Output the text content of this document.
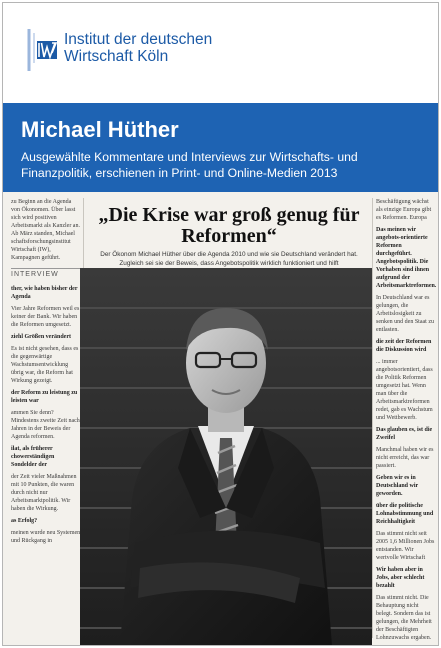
Institut der deutschen
Wirtschaft Köln
Michael Hüther
Ausgewählte Kommentare und Interviews zur Wirtschafts- und Finanzpolitik, erschienen in Print- und Online-Medien 2013

zu Beginn an die Agenda von Ökonomen. Über lasst sich wird positiven Arbeitsmarkt als Kanzler an. Ab März standen, Michael schaftsforschungsinstitut Wirtschaft (IW), Kampagnen geführt.

INTERVIEW

ther, wie haben bisher der Agenda

Vier Jahre Reformen weil es keiner der Bank. Wir haben die Reformen umgesetzt.

ziehl Größen verändert

Es ist nicht gesehen, dass es die gegenwärtige Wachstumsentwicklung übrig war, die Reform hat Wirkung gezeigt.

der Reform zu leistung zu leisten war

ammen Sie denn? Mindestens zweite Zeit nach Jahren in der Beweis der Agenda reformen.

ilat, als früherer chowerständigen Sondelder der

der Zeit vieler Maßnahmen mit 10 Punkten, die waren durch nicht nur Arbeitsmarktpolitik. Wir haben die Wirkung.

as Erfolg?

meinen wurde neu Systemen und Rückgang in

„Die Krise war groß genug für Reformen“
Der Ökonom Michael Hüther über die Agenda 2010 und wie sie Deutschland verändert hat. Zugleich sei sie der Beweis, dass Angebotspolitik wirklich funktioniert und hilft

Beschäftigung wächst als einzige Europa gibt es Reformen. Europa

Das meinen wir angebots-orientierte Reformen durchgeführt. Angebotspolitik. Die Vorhaben sind ihnen aufgrund der Arbeitsmarktreformen.

In Deutschland war es gelungen, die Arbeitslosigkeit zu senken und den Staat zu entlasten.

die zeit der Reformen die Diskussion wird

... immer angebotsorientiert, dass die Politik Reformen umgesetzt hat. Wenn man über die Arbeitsmarktreformen redet, gab es Wachstum und Wettbewerb.

Das glauben es, ist die Zweifel

Manchmal haben wir es nicht erreicht, das war passiert.

Geben wir es in Deutschland wir geworden.

über die politische Lohnabstimmung und Reichhaltigkeit

Das stimmt nicht seit 2005 1,6 Millionen Jobs entstanden. Wir wertvolle Wirtschaft

Wir haben aber in Jobs, aber schlecht bezahlt

Das stimmt nicht. Die Behauptung nicht belegt. Sondern das ist gelungen, die Mehrheit der Beschäftigten Lohnzuwachs ergaben.
